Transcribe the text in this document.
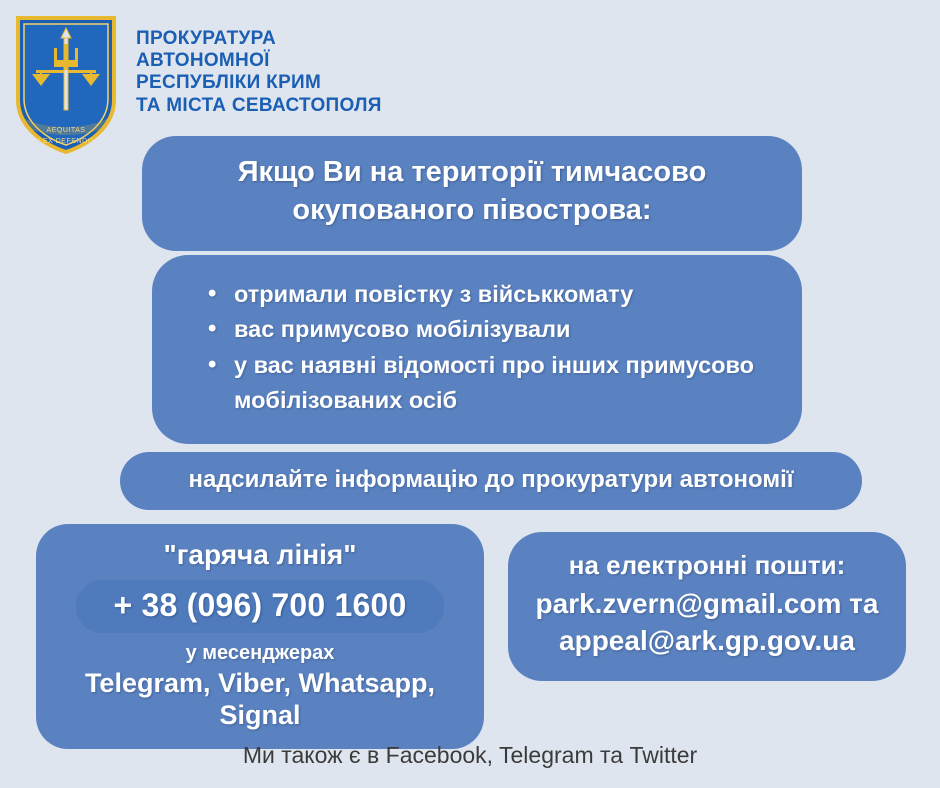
AEQUITAS
LEX DEFENDO
ПРОКУРАТУРА
АВТОНОМНОЇ
РЕСПУБЛІКИ КРИМ
ТА МІСТА СЕВАСТОПОЛЯ
Якщо Ви на території тимчасово окупованого півострова:
• отримали повістку з військкомату
• вас примусово мобілізували
• у вас наявні відомості про інших примусово мобілізованих осіб
надсилайте інформацію до прокуратури автономії
"гаряча лінія"
+ 38 (096) 700 1600
у месенджерах
Telegram, Viber, Whatsapp, Signal
на електронні пошти:
park.zvern@gmail.com та
appeal@ark.gp.gov.ua
Ми також є в Facebook, Telegram та Twitter
